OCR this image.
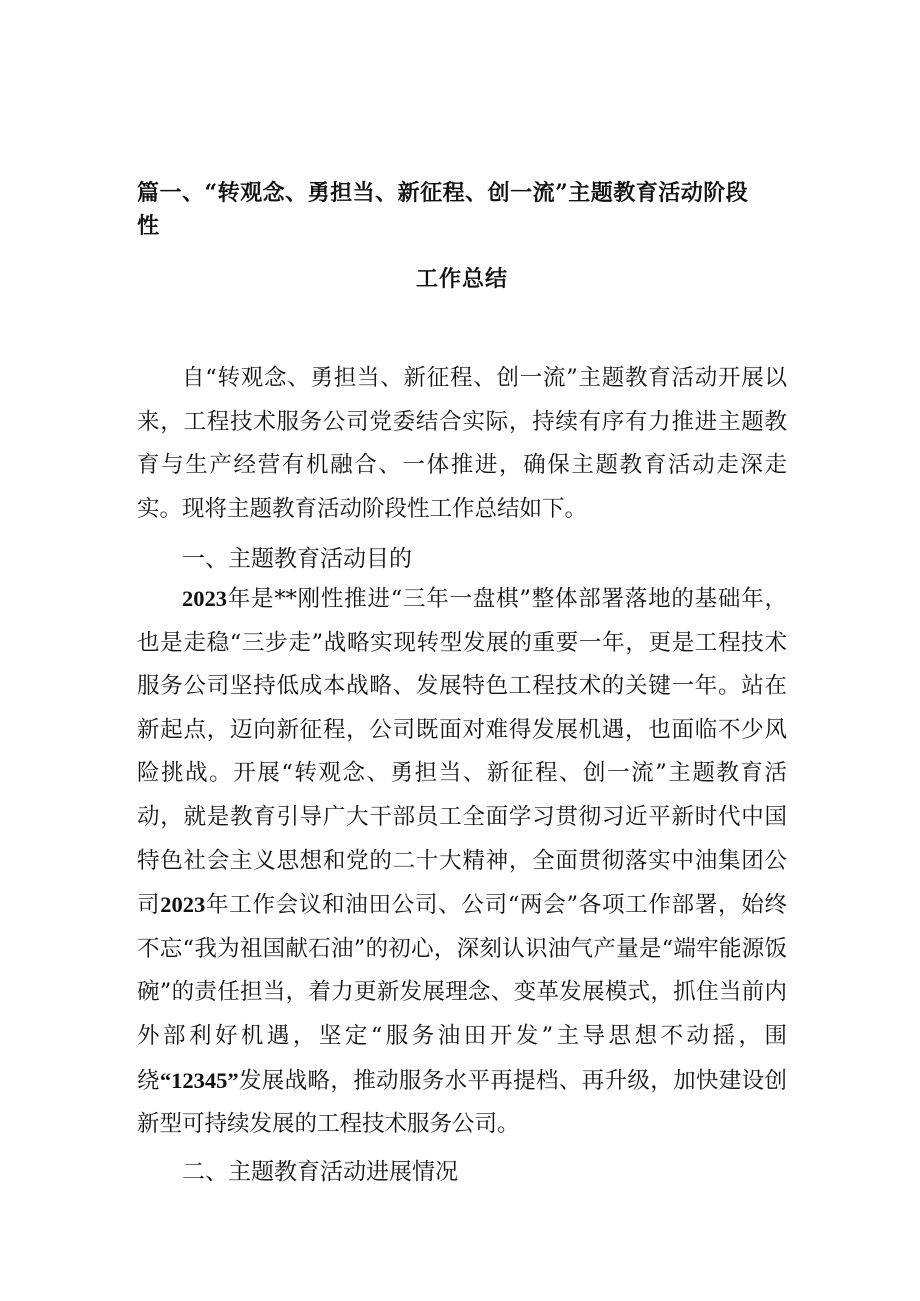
篇一、“转观念、勇担当、新征程、创一流”主题教育活动阶段
性
工作总结

自“转观念、勇担当、新征程、创一流”主题教育活动开展以来，工程技术服务公司党委结合实际，持续有序有力推进主题教育与生产经营有机融合、一体推进，确保主题教育活动走深走实。现将主题教育活动阶段性工作总结如下。

一、主题教育活动目的

2023年是**刚性推进“三年一盘棋”整体部署落地的基础年，也是走稳“三步走”战略实现转型发展的重要一年，更是工程技术服务公司坚持低成本战略、发展特色工程技术的关键一年。站在新起点，迈向新征程，公司既面对难得发展机遇，也面临不少风险挑战。开展“转观念、勇担当、新征程、创一流”主题教育活动，就是教育引导广大干部员工全面学习贯彻习近平新时代中国特色社会主义思想和党的二十大精神，全面贯彻落实中油集团公司2023年工作会议和油田公司、公司“两会”各项工作部署，始终不忘“我为祖国献石油”的初心，深刻认识油气产量是“端牢能源饭碗”的责任担当，着力更新发展理念、变革发展模式，抓住当前内外部利好机遇，坚定“服务油田开发”主导思想不动摇，围绕“12345”发展战略，推动服务水平再提档、再升级，加快建设创新型可持续发展的工程技术服务公司。

二、主题教育活动进展情况
